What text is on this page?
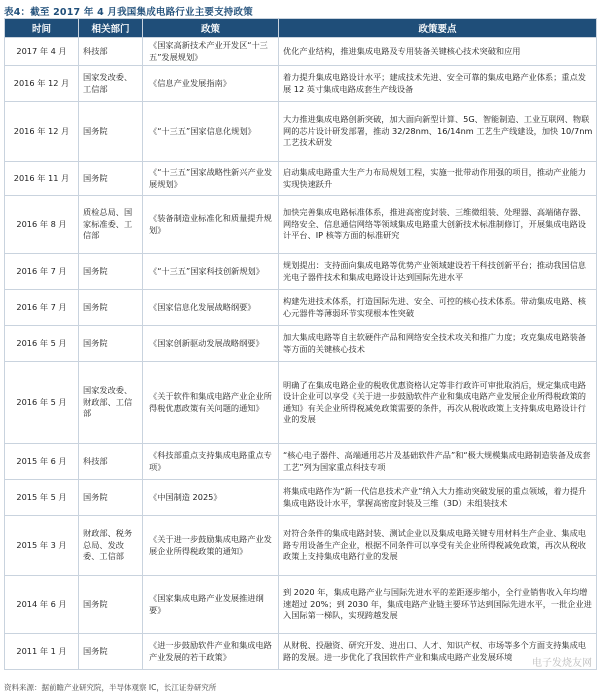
表4：截至 2017 年 4 月我国集成电路行业主要支持政策
时间	相关部门	政策	政策要点
2017 年 4 月	科技部	《国家高新技术产业开发区“十三五”发展规划》	优化产业结构，推进集成电路及专用装备关键核心技术突破和应用
2016 年 12 月	国家发改委、工信部	《信息产业发展指南》	着力提升集成电路设计水平；建成技术先进、安全可靠的集成电路产业体系；重点发展 12 英寸集成电路成套生产线设备
2016 年 12 月	国务院	《“十三五”国家信息化规划》	大力推进集成电路创新突破，加大面向新型计算、5G、智能制造、工业互联网、物联网的芯片设计研发部署，推动 32/28nm、16/14nm 工艺生产线建设，加快 10/7nm 工艺技术研发
2016 年 11 月	国务院	《“十三五”国家战略性新兴产业发展规划》	启动集成电路重大生产力布局规划工程，实施一批带动作用强的项目，推动产业能力实现快速跃升
2016 年 8 月	质检总局、国家标准委、工信部	《装备制造业标准化和质量提升规划》	加快完善集成电路标准体系，推进高密度封装、三维微组装、处理器、高端储存器、网络安全、信息通信网络等领域集成电路重大创新技术标准制修订，开展集成电路设计平台、IP 核等方面的标准研究
2016 年 7 月	国务院	《“十三五”国家科技创新规划》	规划提出：支持面向集成电路等优势产业领域建设若干科技创新平台；推动我国信息光电子器件技术和集成电路设计达到国际先进水平
2016 年 7 月	国务院	《国家信息化发展战略纲要》	构建先进技术体系，打造国际先进、安全、可控的核心技术体系。带动集成电路、核心元器件等薄弱环节实现根本性突破
2016 年 5 月	国务院	《国家创新驱动发展战略纲要》	加大集成电路等自主软硬件产品和网络安全技术攻关和推广力度；攻克集成电路装备等方面的关键核心技术
2016 年 5 月	国家发改委、财政部、工信部	《关于软件和集成电路产业企业所得税优惠政策有关问题的通知》	明确了在集成电路企业的税收优惠资格认定等非行政许可审批取消后，规定集成电路设计企业可以享受《关于进一步鼓励软件产业和集成电路产业发展企业所得税政策的通知》有关企业所得税减免政策需要的条件，再次从税收政策上支持集成电路设计行业的发展
2015 年 6 月	科技部	《科技部重点支持集成电路重点专项》	“核心电子器件、高端通用芯片及基础软件产品”和“极大规模集成电路制造装备及成套工艺”列为国家重点科技专项
2015 年 5 月	国务院	《中国制造 2025》	将集成电路作为“新一代信息技术产业”纳入大力推动突破发展的重点领域，着力提升集成电路设计水平，掌握高密度封装及三维（3D）未组装技术
2015 年 3 月	财政部、税务总局、发改委、工信部	《关于进一步鼓励集成电路产业发展企业所得税政策的通知》	对符合条件的集成电路封装、测试企业以及集成电路关键专用材料生产企业、集成电路专用设备生产企业，根据不同条件可以享受有关企业所得税减免政策，再次从税收政策上支持集成电路行业的发展
2014 年 6 月	国务院	《国家集成电路产业发展推进纲要》	到 2020 年，集成电路产业与国际先进水平的差距逐步缩小，全行业销售收入年均增速超过 20%；到 2030 年，集成电路产业链主要环节达到国际先进水平，一批企业进入国际第一梯队，实现跨越发展
2011 年 1 月	国务院	《进一步鼓励软件产业和集成电路产业发展的若干政策》	从财税、投融资、研究开发、进出口、人才、知识产权、市场等多个方面支持集成电路的发展。进一步优化了我国软件产业和集成电路产业发展环境
电子发烧友网
资料来源：据前瞻产业研究院，半导体观察 IC，长江证券研究所
